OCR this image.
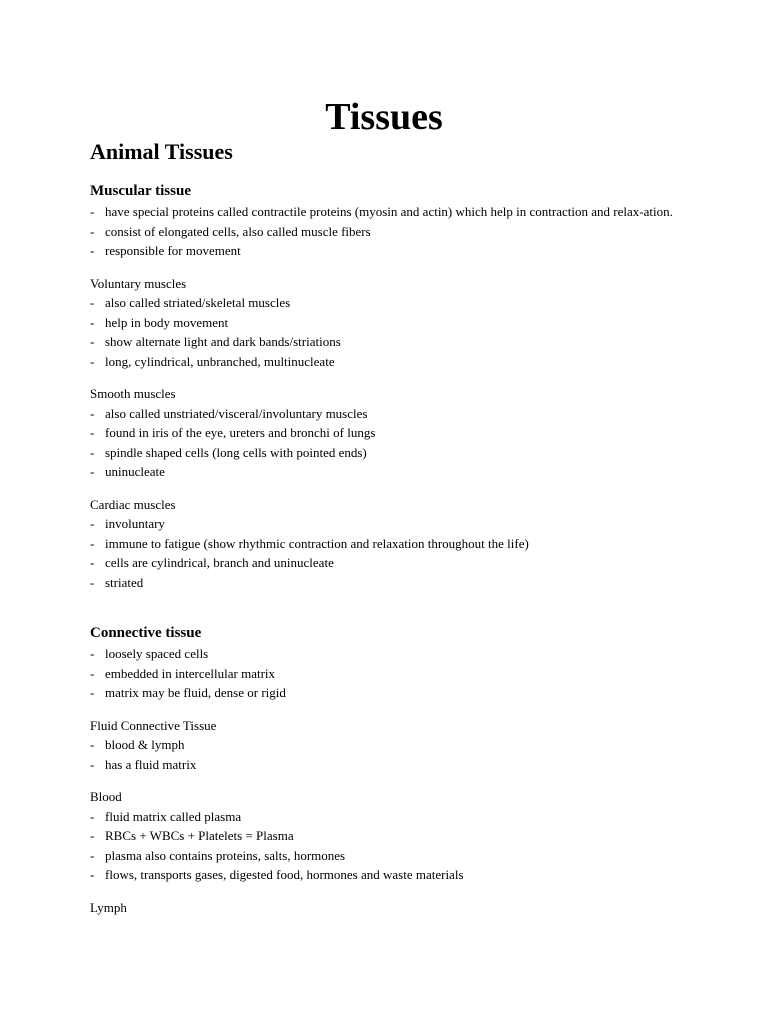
Tissues
Animal Tissues
Muscular tissue
- have special proteins called contractile proteins (myosin and actin) which help in contraction and relax-ation.
- consist of elongated cells, also called muscle fibers
- responsible for movement
Voluntary muscles
- also called striated/skeletal muscles
- help in body movement
- show alternate light and dark bands/striations
- long, cylindrical, unbranched, multinucleate
Smooth muscles
- also called unstriated/visceral/involuntary muscles
- found in iris of the eye, ureters and bronchi of lungs
- spindle shaped cells (long cells with pointed ends)
- uninucleate
Cardiac muscles
- involuntary
- immune to fatigue (show rhythmic contraction and relaxation throughout the life)
- cells are cylindrical, branch and uninucleate
- striated
Connective tissue
- loosely spaced cells
- embedded in intercellular matrix
- matrix may be fluid, dense or rigid
Fluid Connective Tissue
- blood & lymph
- has a fluid matrix
Blood
- fluid matrix called plasma
- RBCs + WBCs + Platelets = Plasma
- plasma also contains proteins, salts, hormones
- flows, transports gases, digested food, hormones and waste materials
Lymph
